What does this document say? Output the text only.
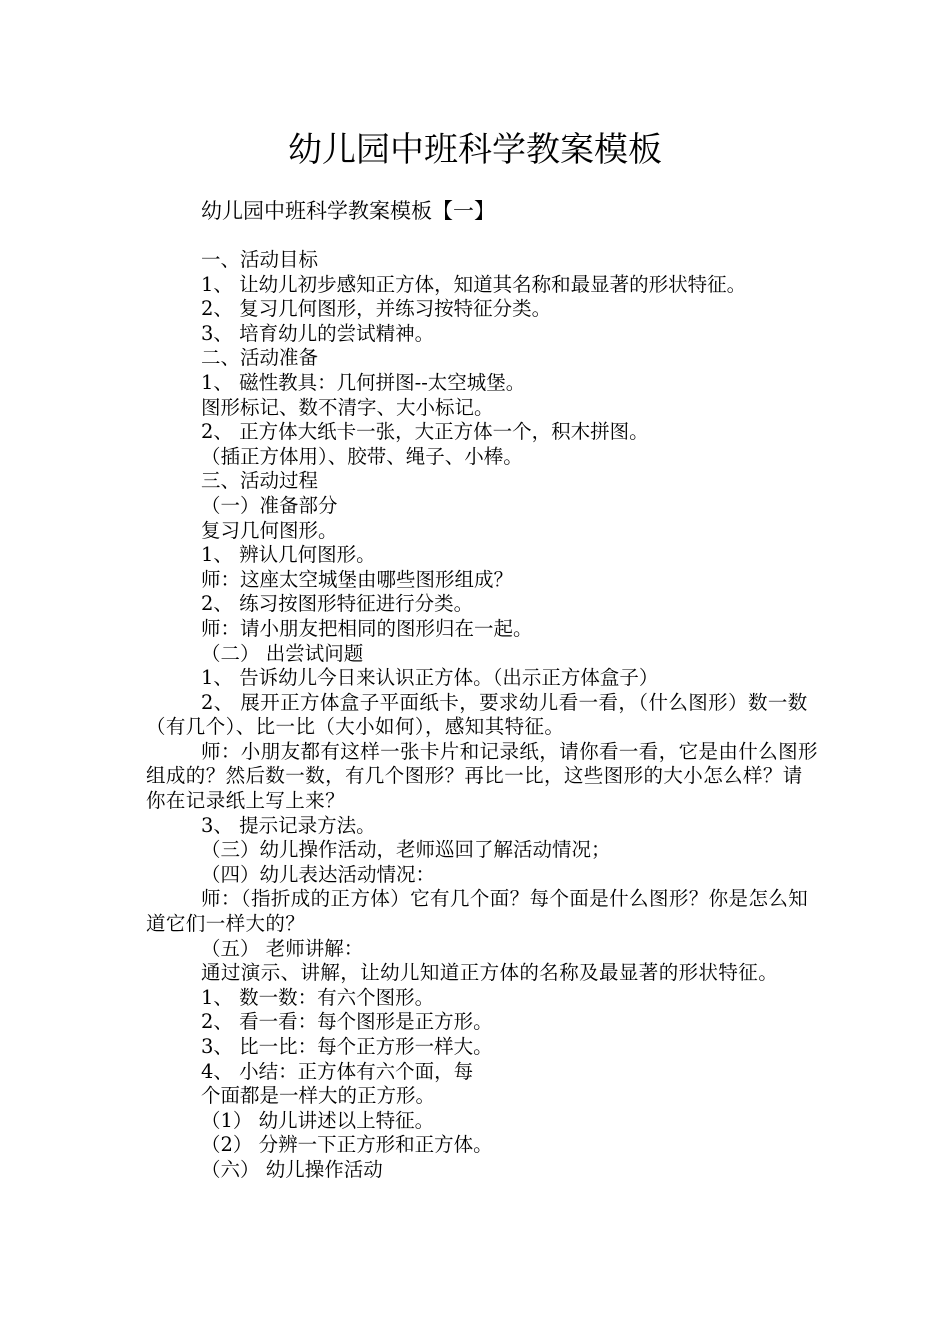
幼儿园中班科学教案模板
幼儿园中班科学教案模板【一】

一、活动目标

1、 让幼儿初步感知正方体，知道其名称和最显著的形状特征。

2、 复习几何图形，并练习按特征分类。

3、 培育幼儿的尝试精神。

二、活动准备

1、 磁性教具：几何拼图--太空城堡。

图形标记、数不清字、大小标记。

2、 正方体大纸卡一张，大正方体一个，积木拼图。

（插正方体用）、胶带、绳子、小棒。

三、活动过程

（一）准备部分

复习几何图形。

1、 辨认几何图形。

师：这座太空城堡由哪些图形组成？

2、 练习按图形特征进行分类。

师：请小朋友把相同的图形归在一起。

（二） 出尝试问题

1、 告诉幼儿今日来认识正方体。（出示正方体盒子）

2、 展开正方体盒子平面纸卡，要求幼儿看一看，（什么图形）数一数（有几个）、比一比（大小如何），感知其特征。

师：小朋友都有这样一张卡片和记录纸，请你看一看，它是由什么图形组成的？然后数一数，有几个图形？再比一比，这些图形的大小怎么样？请你在记录纸上写上来？

3、 提示记录方法。

（三）幼儿操作活动，老师巡回了解活动情况；

（四）幼儿表达活动情况：

师：（指折成的正方体）它有几个面？每个面是什么图形？你是怎么知道它们一样大的？

（五） 老师讲解：

通过演示、讲解，让幼儿知道正方体的名称及最显著的形状特征。

1、 数一数：有六个图形。

2、 看一看：每个图形是正方形。

3、 比一比：每个正方形一样大。

4、 小结：正方体有六个面，每

个面都是一样大的正方形。

（1） 幼儿讲述以上特征。

（2） 分辨一下正方形和正方体。

（六） 幼儿操作活动
